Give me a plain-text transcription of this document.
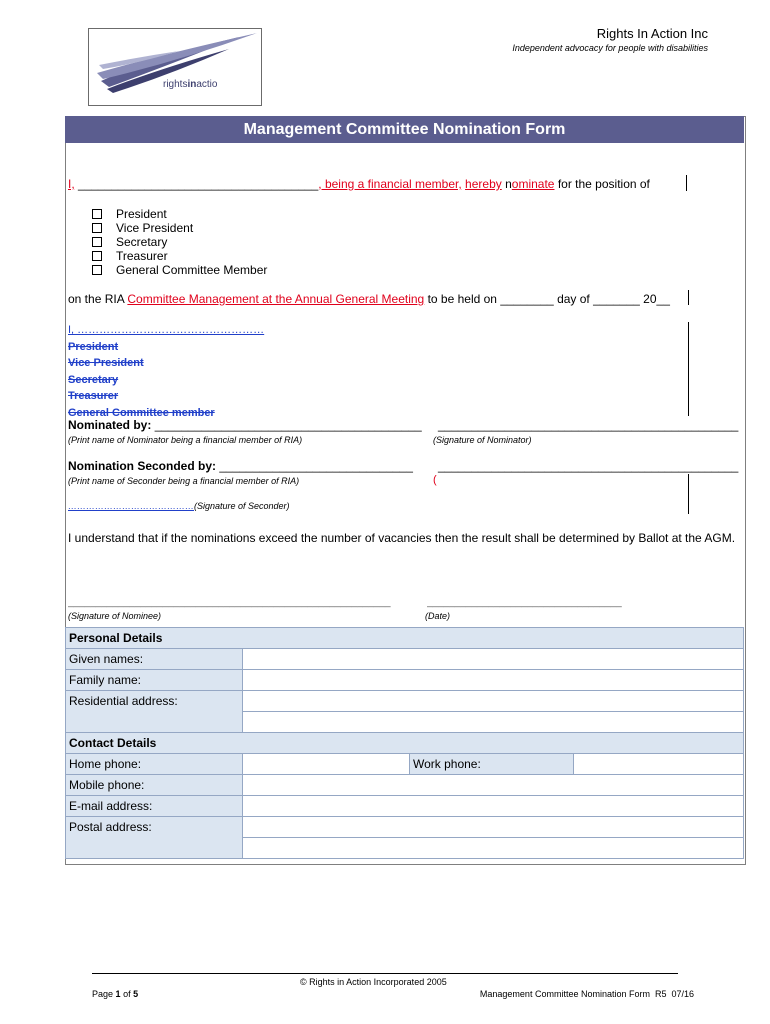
rightsinactio
Rights In Action Inc
Independent advocacy for people with disabilities
Management Committee Nomination Form
I, ____________________________________, being a financial member, hereby nominate for the position of
President
Vice President
Secretary
Treasurer
General Committee Member
on the RIA Committee Management at the Annual General Meeting to be held on ________ day of _______ 20__
I, ……………………………………………
President
Vice President
Secretary
Treasurer
General Committee member
Nominated by: ________________________________________ _____________________________________________
(Print name of Nominator being a financial member of RIA)	(Signature of Nominator)
Nomination Seconded by: _____________________________ _____________________________________________
(Print name of Seconder being a financial member of RIA)	(
……………………………………(Signature of Seconder)
I understand that if the nominations exceed the number of vacancies then the result shall be determined by Ballot at the AGM.
__________________________________________________________	___________________________________
(Signature of Nominee)	(Date)
Personal Details			
Given names:			
Family name:			
Residential address:			

Contact Details			
Home phone:		Work phone:	
Mobile phone:			
E-mail address:			
Postal address:			

© Rights in Action Incorporated 2005
Page 1 of 5	Management Committee Nomination Form  R5  07/16
